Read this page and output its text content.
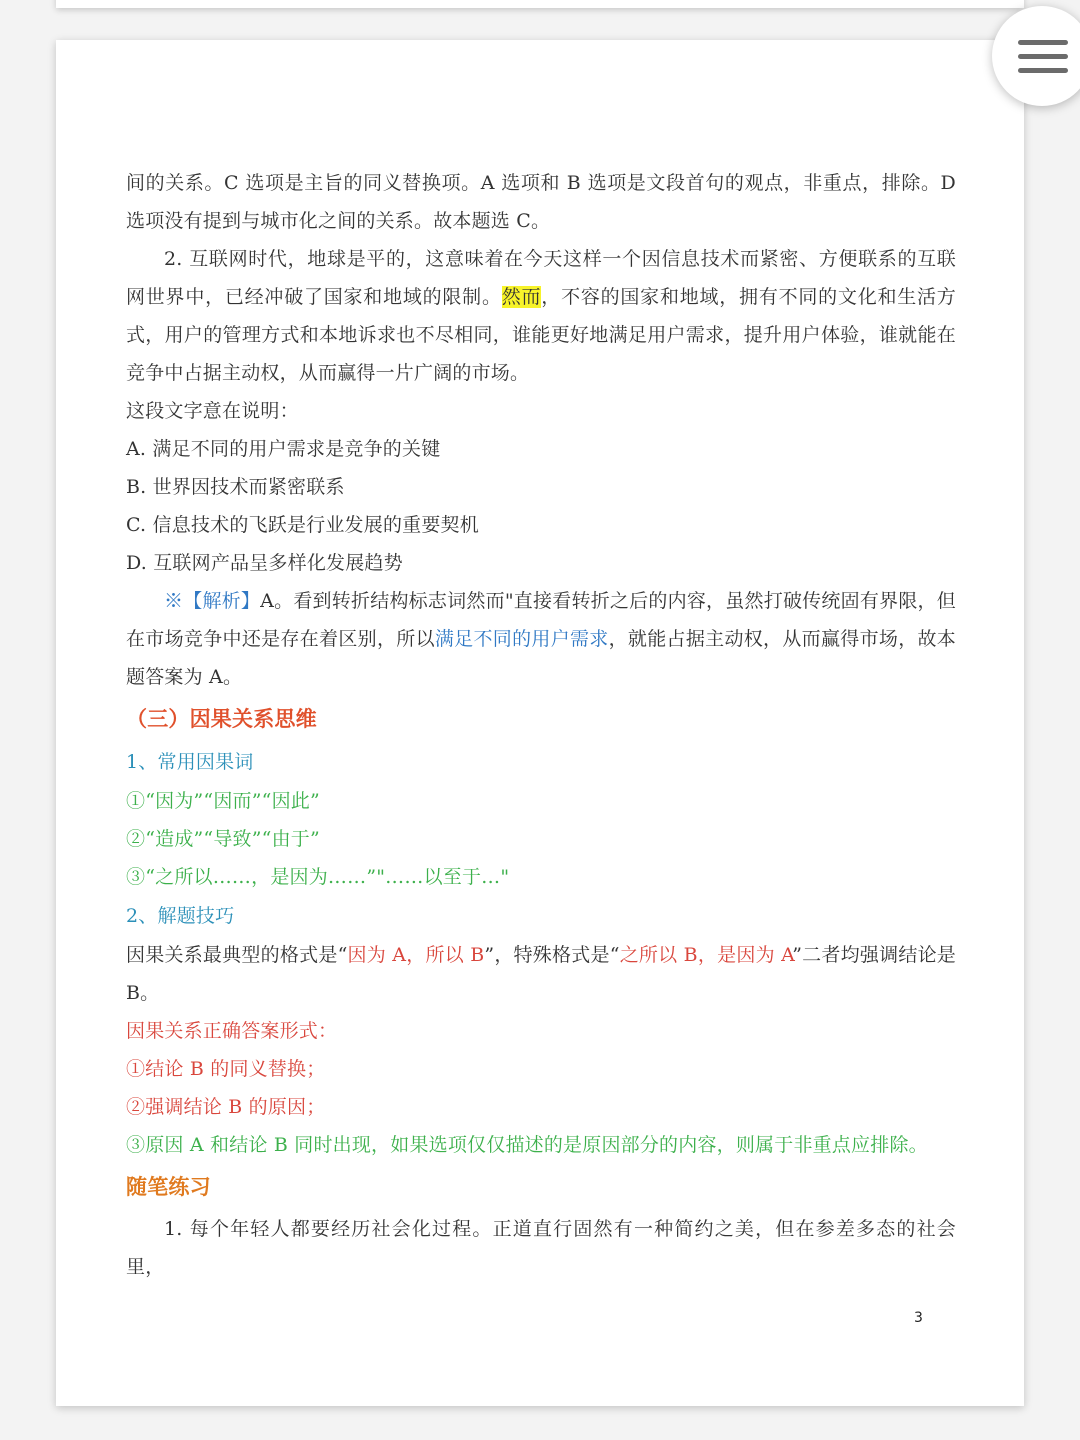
间的关系。C 选项是主旨的同义替换项。A 选项和 B 选项是文段首句的观点，非重点，排除。D 选项没有提到与城市化之间的关系。故本题选 C。

2. 互联网时代，地球是平的，这意味着在今天这样一个因信息技术而紧密、方便联系的互联网世界中，已经冲破了国家和地域的限制。然而，不容的国家和地域，拥有不同的文化和生活方式，用户的管理方式和本地诉求也不尽相同，谁能更好地满足用户需求，提升用户体验，谁就能在竞争中占据主动权，从而赢得一片广阔的市场。

这段文字意在说明：

A. 满足不同的用户需求是竞争的关键

B. 世界因技术而紧密联系

C. 信息技术的飞跃是行业发展的重要契机

D. 互联网产品呈多样化发展趋势

※【解析】A。看到转折结构标志词然而"直接看转折之后的内容，虽然打破传统固有界限，但在市场竞争中还是存在着区别，所以满足不同的用户需求，就能占据主动权，从而赢得市场，故本题答案为 A。

（三）因果关系思维

1、常用因果词

①“因为”“因而”“因此”

②“造成”“导致”“由于”

③“之所以……，是因为……”"……以至于…"

2、解题技巧

因果关系最典型的格式是“因为 A，所以 B”，特殊格式是“之所以 B，是因为 A”二者均强调结论是 B。

因果关系正确答案形式：

①结论 B 的同义替换；

②强调结论 B 的原因；

③原因 A 和结论 B 同时出现，如果选项仅仅描述的是原因部分的内容，则属于非重点应排除。

随笔练习

1. 每个年轻人都要经历社会化过程。正道直行固然有一种简约之美，但在参差多态的社会里，

3
